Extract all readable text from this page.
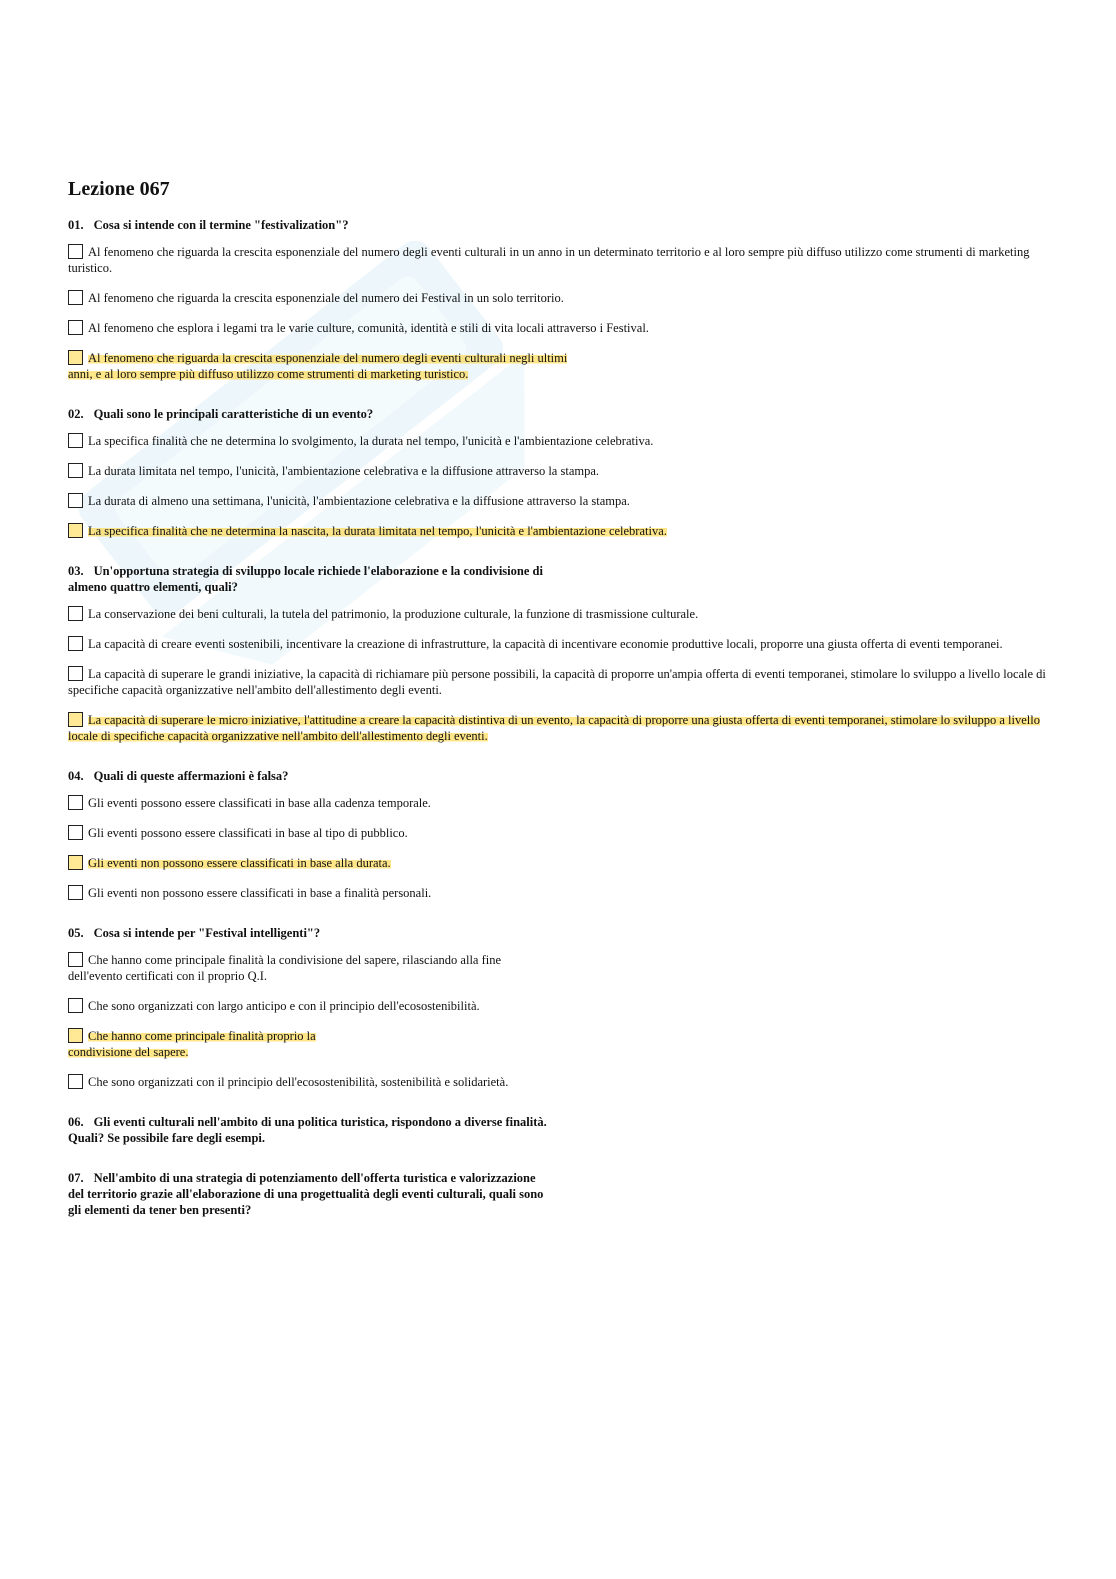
Lezione 067
01. Cosa si intende con il termine "festivalization"?
Al fenomeno che riguarda la crescita esponenziale del numero degli eventi culturali in un anno in un determinato territorio e al loro sempre più diffuso utilizzo come strumenti di marketing turistico.
Al fenomeno che riguarda la crescita esponenziale del numero dei Festival in un solo territorio.
Al fenomeno che esplora i legami tra le varie culture, comunità, identità e stili di vita locali attraverso i Festival.
Al fenomeno che riguarda la crescita esponenziale del numero degli eventi culturali negli ultimi anni, e al loro sempre più diffuso utilizzo come strumenti di marketing turistico.
02. Quali sono le principali caratteristiche di un evento?
La specifica finalità che ne determina lo svolgimento, la durata nel tempo, l'unicità e l'ambientazione celebrativa.
La durata limitata nel tempo, l'unicità, l'ambientazione celebrativa e la diffusione attraverso la stampa.
La durata di almeno una settimana, l'unicità, l'ambientazione celebrativa e la diffusione attraverso la stampa.
La specifica finalità che ne determina la nascita, la durata limitata nel tempo, l'unicità e l'ambientazione celebrativa.
03. Un'opportuna strategia di sviluppo locale richiede l'elaborazione e la condivisione di almeno quattro elementi, quali?
La conservazione dei beni culturali, la tutela del patrimonio, la produzione culturale, la funzione di trasmissione culturale.
La capacità di creare eventi sostenibili, incentivare la creazione di infrastrutture, la capacità di incentivare economie produttive locali, proporre una giusta offerta di eventi temporanei.
La capacità di superare le grandi iniziative, la capacità di richiamare più persone possibili, la capacità di proporre un'ampia offerta di eventi temporanei, stimolare lo sviluppo a livello locale di specifiche capacità organizzative nell'ambito dell'allestimento degli eventi.
La capacità di superare le micro iniziative, l'attitudine a creare la capacità distintiva di un evento, la capacità di proporre una giusta offerta di eventi temporanei, stimolare lo sviluppo a livello locale di specifiche capacità organizzative nell'ambito dell'allestimento degli eventi.
04. Quali di queste affermazioni è falsa?
Gli eventi possono essere classificati in base alla cadenza temporale.
Gli eventi possono essere classificati in base al tipo di pubblico.
Gli eventi non possono essere classificati in base alla durata.
Gli eventi non possono essere classificati in base a finalità personali.
05. Cosa si intende per "Festival intelligenti"?
Che hanno come principale finalità la condivisione del sapere, rilasciando alla fine dell'evento certificati con il proprio Q.I.
Che sono organizzati con largo anticipo e con il principio dell'ecosostenibilità.
Che hanno come principale finalità proprio la condivisione del sapere.
Che sono organizzati con il principio dell'ecosostenibilità, sostenibilità e solidarietà.
06. Gli eventi culturali nell'ambito di una politica turistica, rispondono a diverse finalità. Quali? Se possibile fare degli esempi.
07. Nell'ambito di una strategia di potenziamento dell'offerta turistica e valorizzazione del territorio grazie all'elaborazione di una progettualità degli eventi culturali, quali sono gli elementi da tener ben presenti?
